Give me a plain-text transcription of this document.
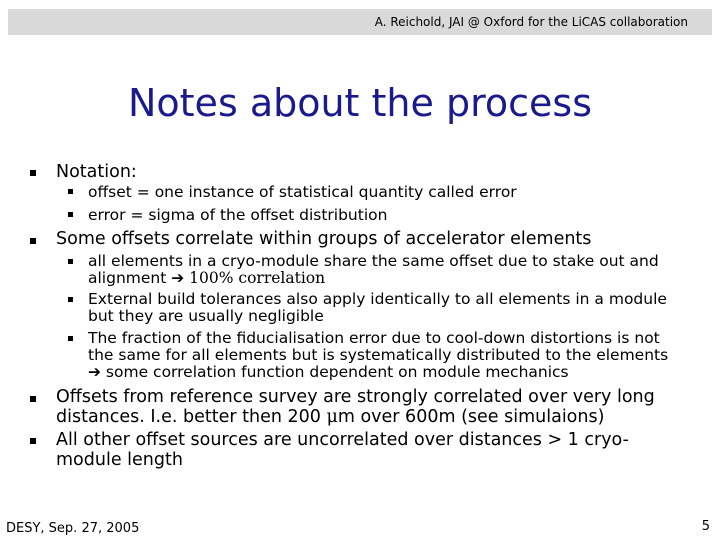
A. Reichold, JAI @ Oxford for the LiCAS collaboration
Notes about the process
Notation:
offset = one instance of statistical quantity called error
error = sigma of the offset distribution
Some offsets correlate within groups of accelerator elements
all elements in a cryo-module share the same offset due to stake out and
alignment ➔ 100% correlation
External build tolerances also apply identically to all elements in a module
but they are usually negligible
The fraction of the fiducialisation error due to cool-down distortions is not
the same for all elements but is systematically distributed to the elements
➔ some correlation function dependent on module mechanics
Offsets from reference survey are strongly correlated over very long
distances. I.e. better then 200 μm over 600m (see simulaions)
All other offset sources are uncorrelated over distances > 1 cryo-
module length
DESY, Sep. 27, 2005	5
